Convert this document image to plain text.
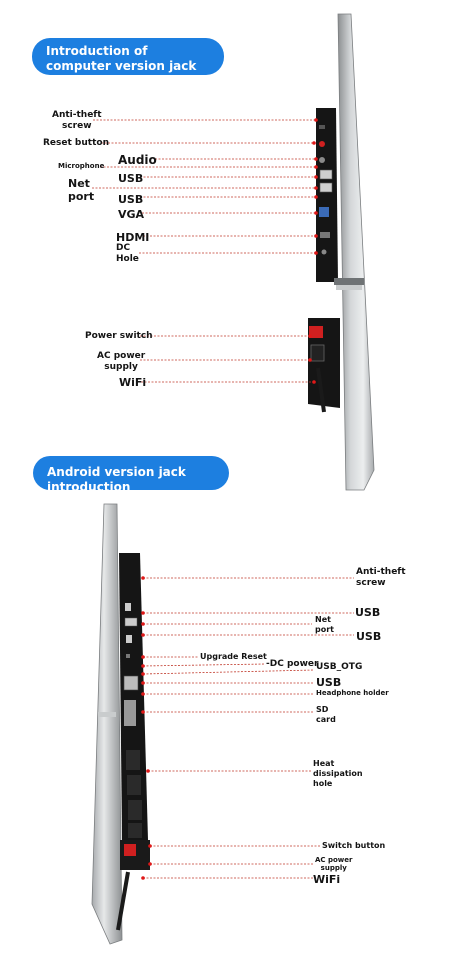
Introduction of computer version jack
Anti-theft
screw
Reset button
Microphone Audio
USB
Net
port USB
VGA
HDMI
DC
Hole
Power switch
AC power
supply
WiFi
Android version jack introduction
Anti-theft
screw
USB
Net
port
USB
Upgrade Reset
-DC power
USB_OTG
USB
Headphone holder
SD
card
Heat
dissipation
hole
Switch button
AC power
supply
WiFi
